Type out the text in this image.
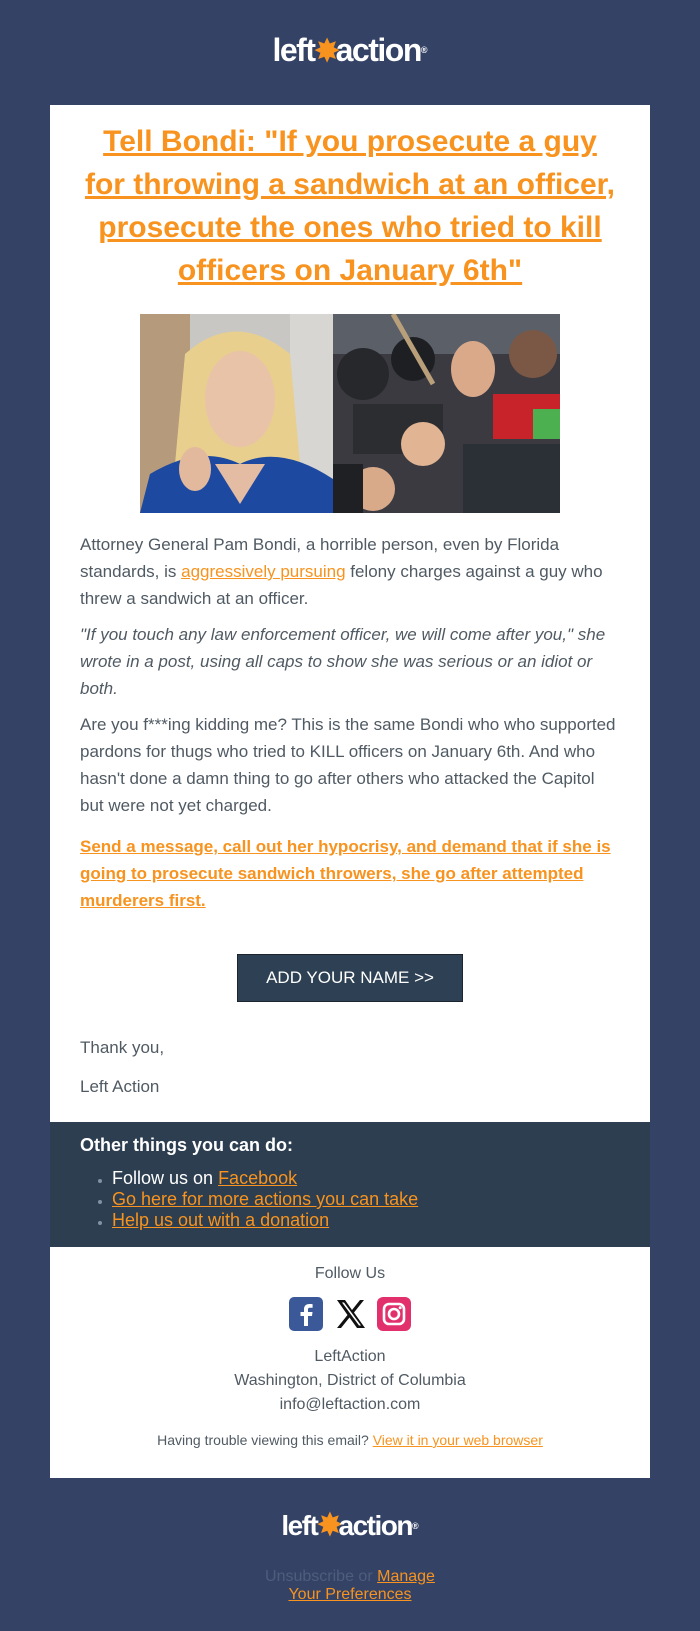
left✸action®
Tell Bondi: "If you prosecute a guy for throwing a sandwich at an officer, prosecute the ones who tried to kill officers on January 6th"

Attorney General Pam Bondi, a horrible person, even by Florida standards, is aggressively pursuing felony charges against a guy who threw a sandwich at an officer.

"If you touch any law enforcement officer, we will come after you," she wrote in a post, using all caps to show she was serious or an idiot or both.

Are you f***ing kidding me? This is the same Bondi who who supported pardons for thugs who tried to KILL officers on January 6th. And who hasn't done a damn thing to go after others who attacked the Capitol but were not yet charged.

Send a message, call out her hypocrisy, and demand that if she is going to prosecute sandwich throwers, she go after attempted murderers first.

ADD YOUR NAME >>

Thank you,

Left Action

Other things you can do:
• Follow us on Facebook
• Go here for more actions you can take
• Help us out with a donation
Follow Us
LeftAction
Washington, District of Columbia
info@leftaction.com
Having trouble viewing this email? View it in your web browser
left✸action®
Unsubscribe or Manage
Your Preferences
